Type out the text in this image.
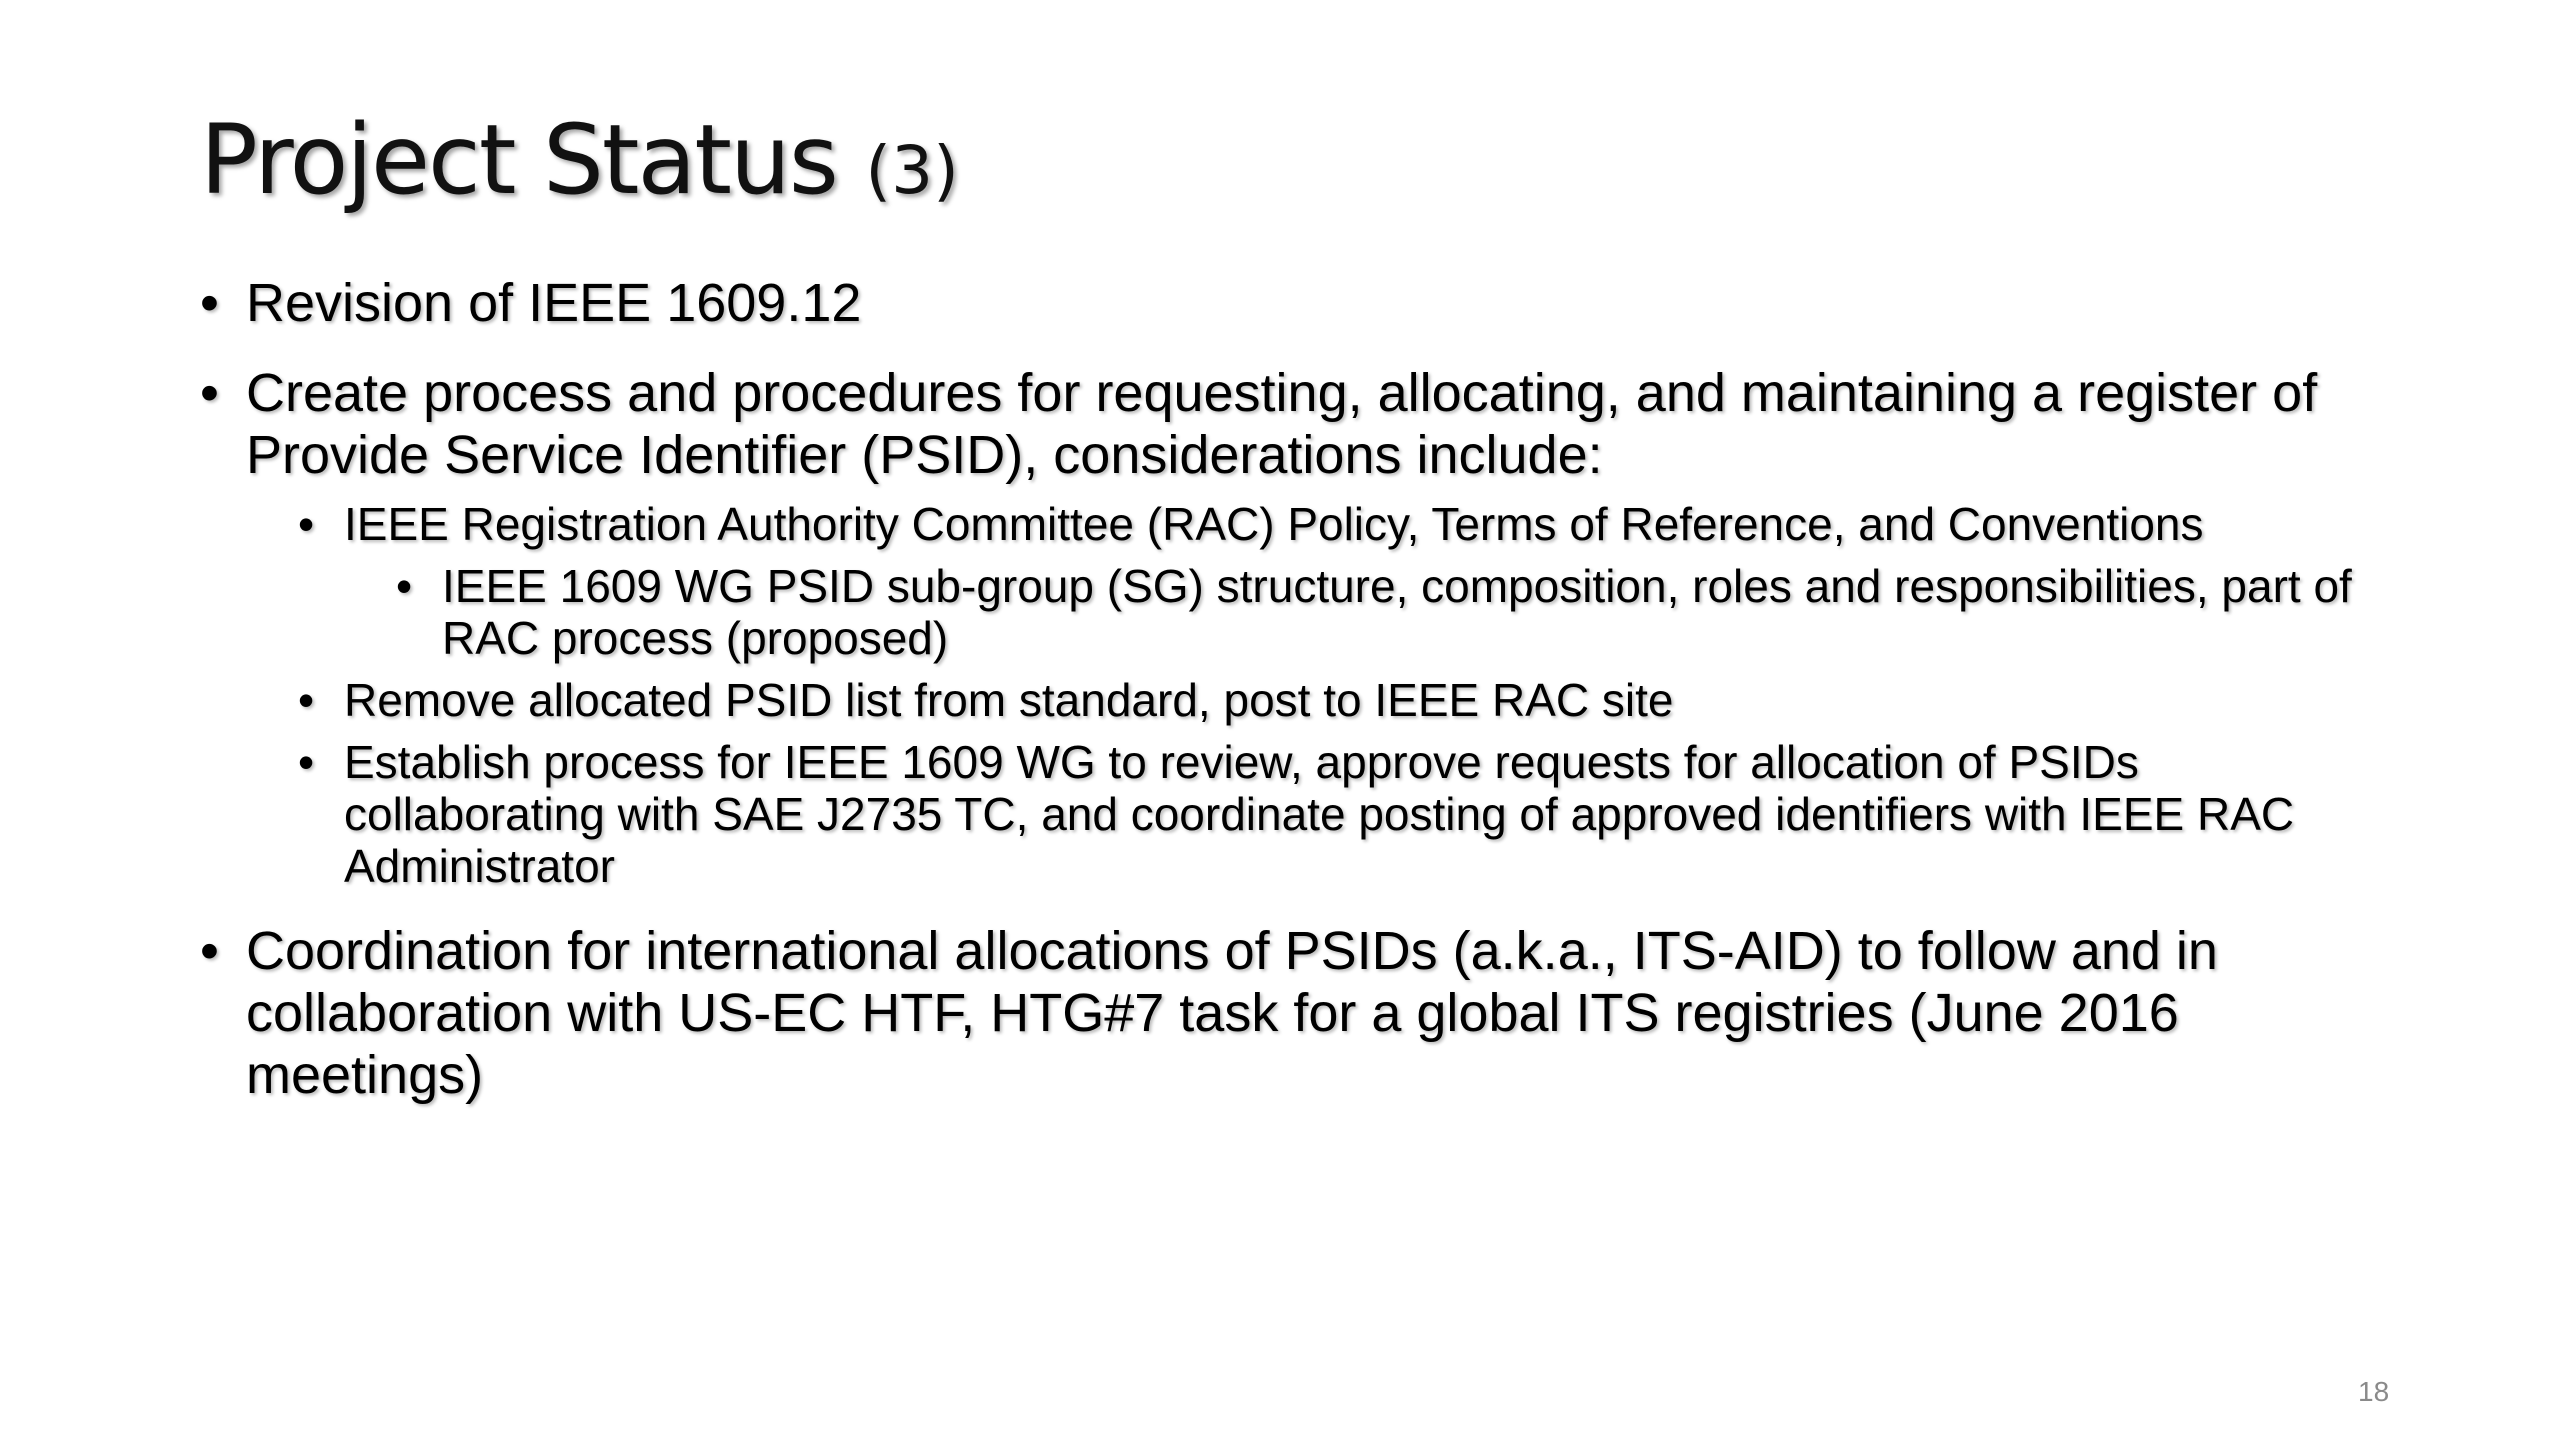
Project Status (3)
• Revision of IEEE 1609.12
• Create process and procedures for requesting, allocating, and maintaining a register of Provide Service Identifier (PSID), considerations include:
• IEEE Registration Authority Committee (RAC) Policy, Terms of Reference, and Conventions
• IEEE 1609 WG PSID sub-group (SG) structure, composition, roles and responsibilities, part of RAC process (proposed)
• Remove allocated PSID list from standard, post to IEEE RAC site
• Establish process for IEEE 1609 WG to review, approve requests for allocation of PSIDs collaborating with SAE J2735 TC, and coordinate posting of approved identifiers with IEEE RAC Administrator
• Coordination for international allocations of PSIDs (a.k.a., ITS-AID) to follow and in collaboration with US-EC HTF, HTG#7 task for a global ITS registries (June 2016 meetings)
18
